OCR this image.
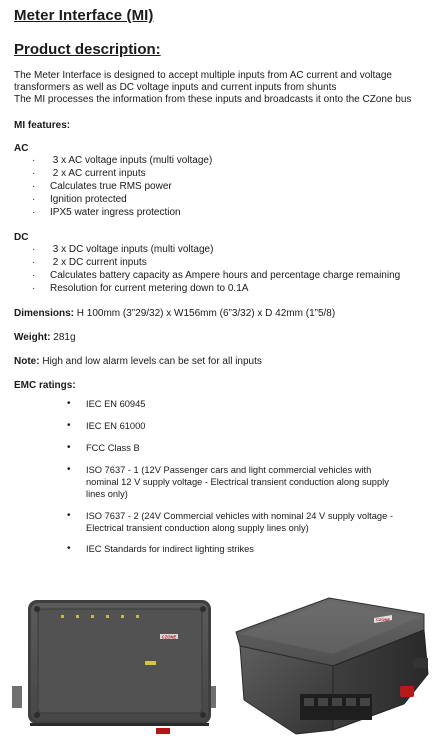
Meter Interface (MI)
Product description:
The Meter Interface is designed to accept multiple inputs from AC current and voltage
transformers as well as DC voltage inputs and current inputs from shunts
The MI processes the information from these inputs and broadcasts it onto the CZone bus
MI features:
AC
· 3 x AC voltage inputs (multi voltage)
· 2 x AC current inputs
· Calculates true RMS power
· Ignition protected
· IPX5 water ingress protection
DC
· 3 x DC voltage inputs (multi voltage)
· 2 x DC current inputs
· Calculates battery capacity as Ampere hours and percentage charge remaining
· Resolution for current metering down to 0.1A
Dimensions: H 100mm (3”29/32) x W156mm (6”3/32) x D 42mm (1”5/8)
Weight: 281g
Note: High and low alarm levels can be set for all inputs
EMC ratings:
• IEC EN 60945
• IEC EN 61000
• FCC Class B
• ISO 7637 - 1 (12V Passenger cars and light commercial vehicles with
nominal 12 V supply voltage - Electrical transient conduction along supply
lines only)
• ISO 7637 - 2 (24V Commercial vehicles with nominal 24 V supply voltage -
Electrical transient conduction along supply lines only)
• IEC Standards for indirect lighting strikes
CZONE
CZONE
